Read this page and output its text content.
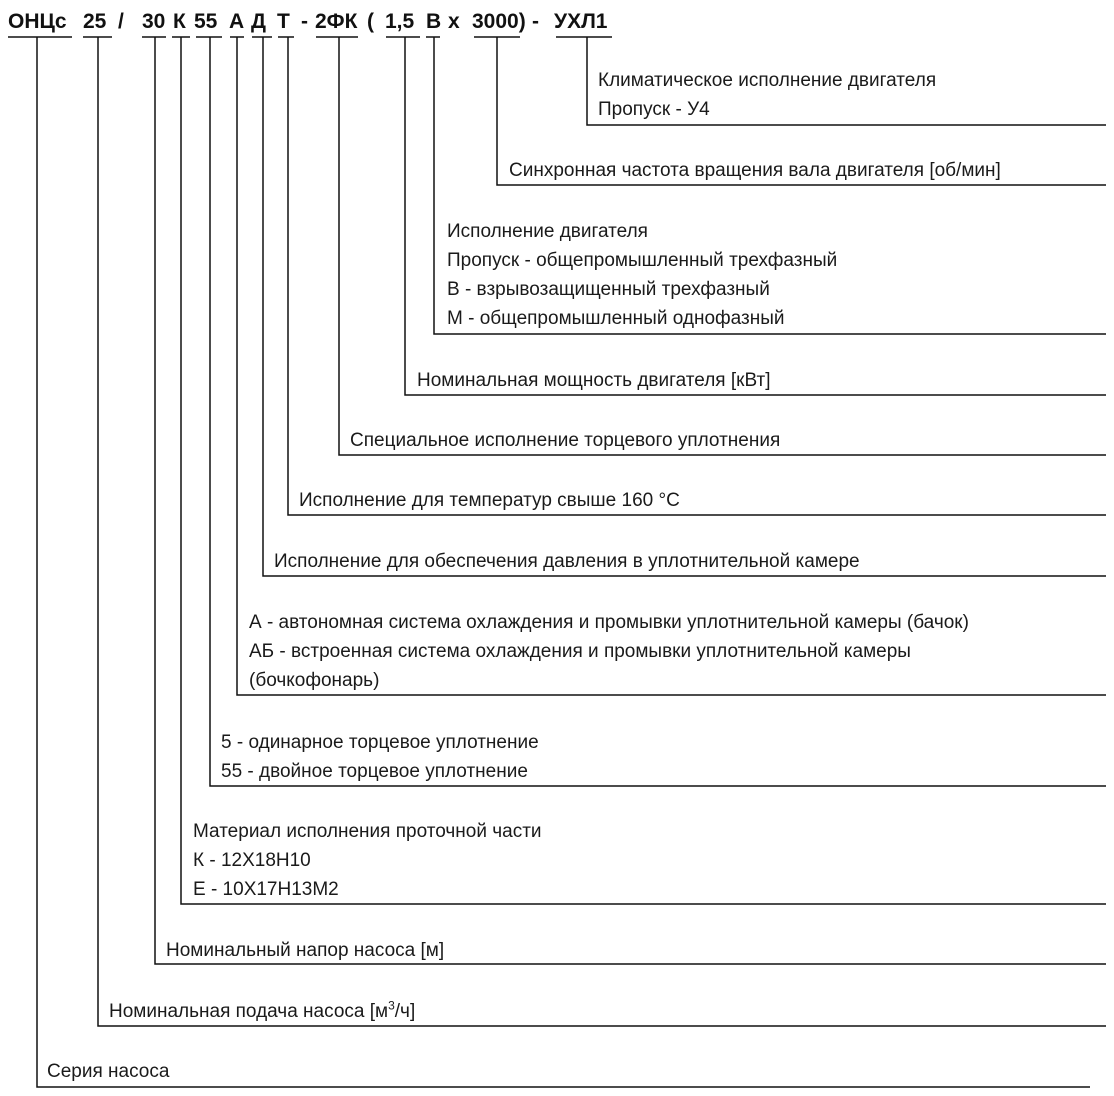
ОНЦс 25 / 30 К 55 А Д Т - 2ФК ( 1,5 В х 3000) - УХЛ1
Климатическое исполнение двигателя
Пропуск - У4
Синхронная частота вращения вала двигателя [об/мин]
Исполнение двигателя
Пропуск - общепромышленный трехфазный
В - взрывозащищенный трехфазный
М - общепромышленный однофазный
Номинальная мощность двигателя [кВт]
Специальное исполнение торцевого уплотнения
Исполнение для температур свыше 160 °С
Исполнение для обеспечения давления в уплотнительной камере
А - автономная система охлаждения и промывки уплотнительной камеры (бачок)
АБ - встроенная система охлаждения и промывки уплотнительной камеры
(бочкофонарь)
5 - одинарное торцевое уплотнение
55 - двойное торцевое уплотнение
Материал исполнения проточной части
К - 12Х18Н10
Е - 10Х17Н13М2
Номинальный напор насоса [м]
Номинальная подача насоса $[м^3/ч]$
Серия насоса
